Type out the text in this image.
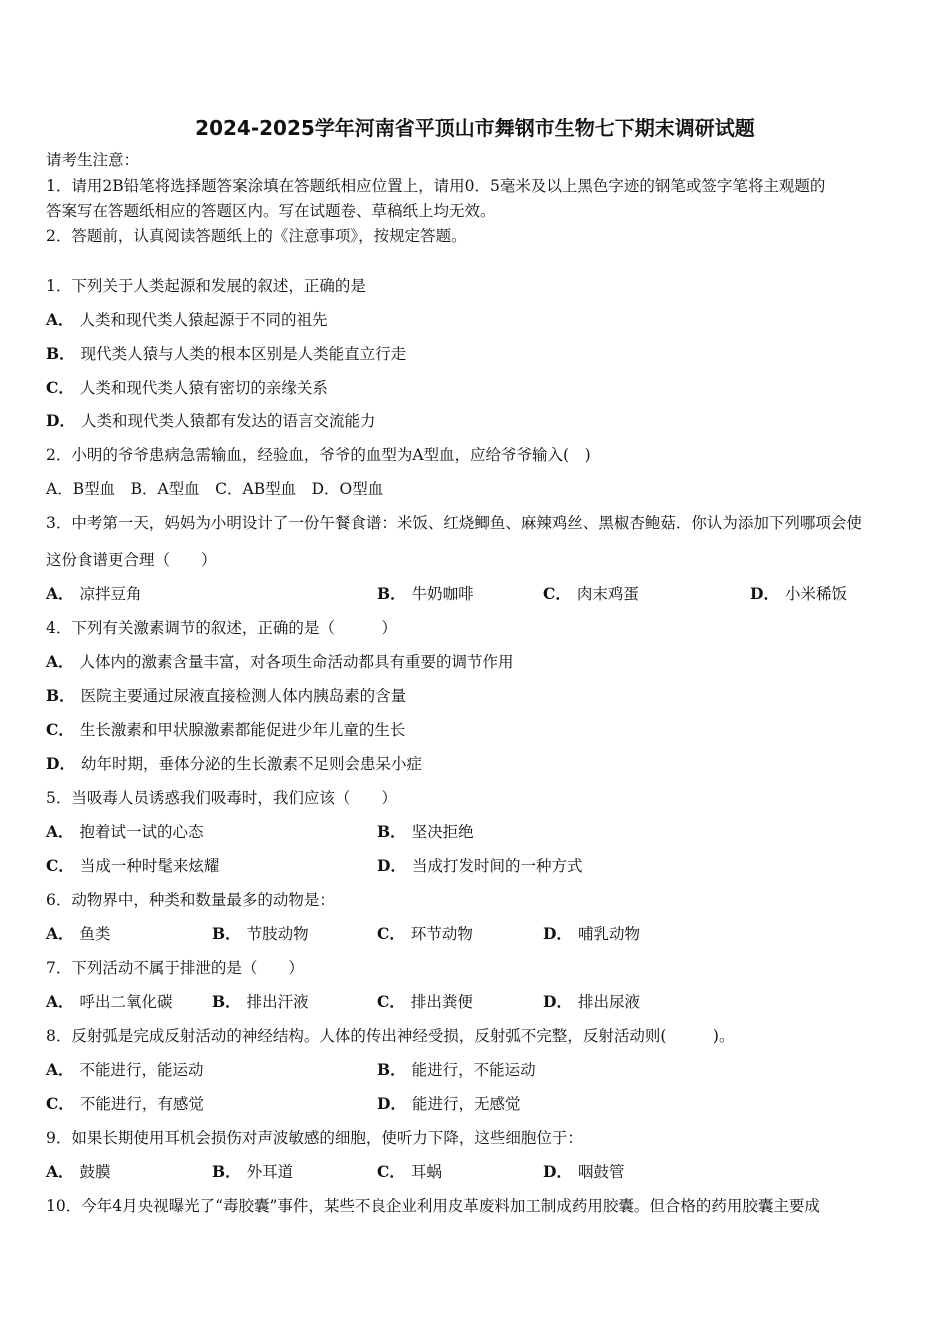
2024-2025学年河南省平顶山市舞钢市生物七下期末调研试题
请考生注意：
1．请用2B铅笔将选择题答案涂填在答题纸相应位置上，请用0．5毫米及以上黑色字迹的钢笔或签字笔将主观题的
答案写在答题纸相应的答题区内。写在试题卷、草稿纸上均无效。
2．答题前，认真阅读答题纸上的《注意事项》，按规定答题。
1．下列关于人类起源和发展的叙述，正确的是
A． 人类和现代类人猿起源于不同的祖先
B． 现代类人猿与人类的根本区别是人类能直立行走
C． 人类和现代类人猿有密切的亲缘关系
D． 人类和现代类人猿都有发达的语言交流能力
2．小明的爷爷患病急需输血，经验血，爷爷的血型为A型血，应给爷爷输入(　)
A．B型血　B．A型血　C．AB型血　D．O型血
3．中考第一天，妈妈为小明设计了一份午餐食谱：米饭、红烧鲫鱼、麻辣鸡丝、黑椒杏鲍菇．你认为添加下列哪项会使
这份食谱更合理（　　）
A． 凉拌豆角	B． 牛奶咖啡	C． 肉末鸡蛋	D． 小米稀饭
4．下列有关激素调节的叙述，正确的是（　　　）
A． 人体内的激素含量丰富，对各项生命活动都具有重要的调节作用
B． 医院主要通过尿液直接检测人体内胰岛素的含量
C． 生长激素和甲状腺激素都能促进少年儿童的生长
D． 幼年时期，垂体分泌的生长激素不足则会患呆小症
5．当吸毒人员诱惑我们吸毒时，我们应该（　　）
A． 抱着试一试的心态	B． 坚决拒绝
C． 当成一种时髦来炫耀	D． 当成打发时间的一种方式
6．动物界中，种类和数量最多的动物是：
A． 鱼类	B． 节肢动物	C． 环节动物	D． 哺乳动物
7．下列活动不属于排泄的是（　　）
A． 呼出二氧化碳	B． 排出汗液	C． 排出粪便	D． 排出尿液
8．反射弧是完成反射活动的神经结构。人体的传出神经受损，反射弧不完整，反射活动则(　　　)。
A． 不能进行，能运动	B． 能进行，不能运动
C． 不能进行，有感觉	D． 能进行，无感觉
9．如果长期使用耳机会损伤对声波敏感的细胞，使听力下降，这些细胞位于：
A． 鼓膜	B． 外耳道	C． 耳蜗	D． 咽鼓管
10．今年4月央视曝光了“毒胶囊”事件，某些不良企业利用皮革废料加工制成药用胶囊。但合格的药用胶囊主要成
